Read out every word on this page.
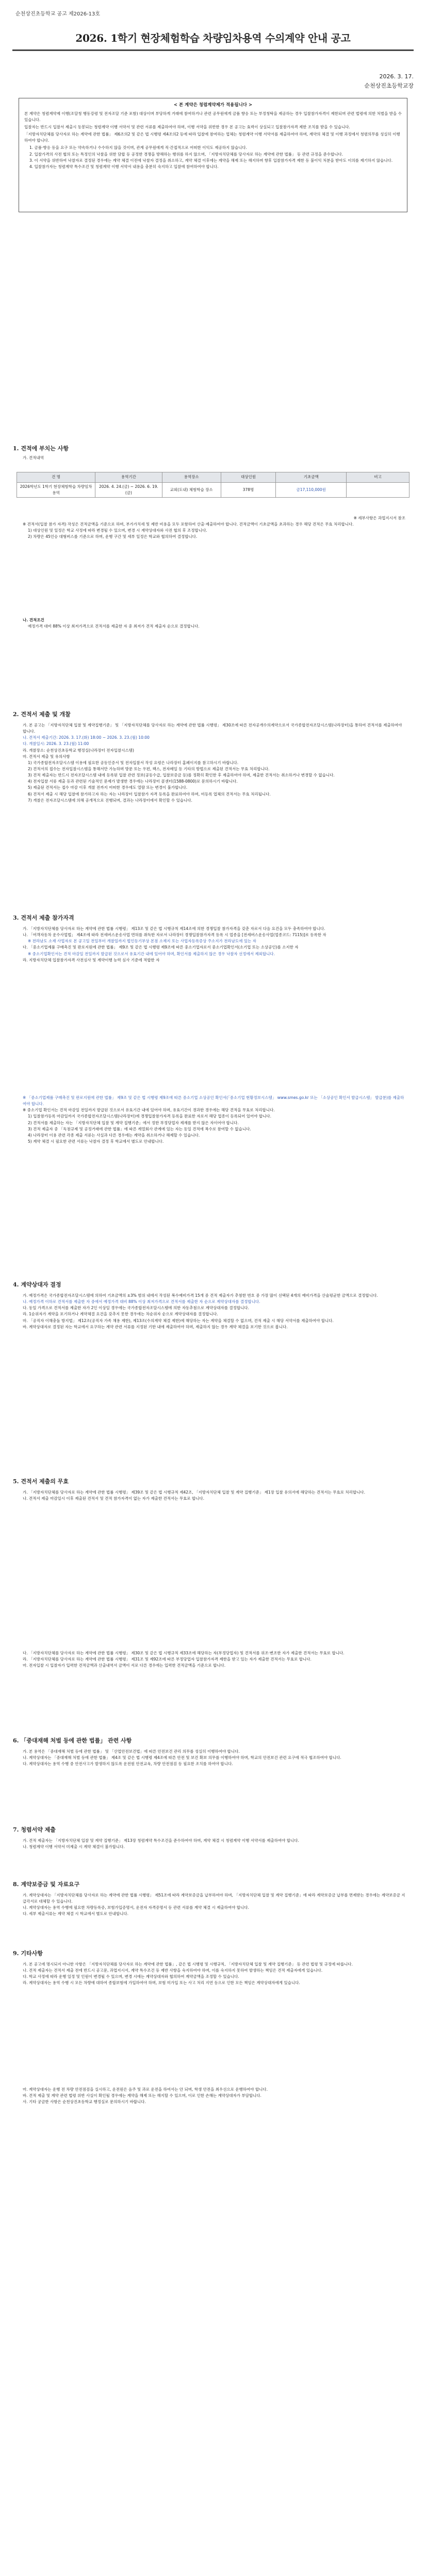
순천상진초등학교 공고 제2026-13호
2026. 1학기 현장체험학습 차량임차용역 수의계약 안내 공고
2026. 3. 17.
순천상진초등학교장
< 본 계약은 청렴계약제가 적용됩니다 >

본 계약은 청렴계약제 이행(조달청 행동강령 및 전자조달 기준 포함) 대상이며 부당하게 거래에 참여하거나 관련 공무원에게 금품 향응 또는 부정청탁을 제공하는 경우 입찰참가자격이 제한되며 관련 법령에 의한 처벌을 받을 수 있습니다.

입찰자는 반드시 입찰서 제출시 동봉되는 청렴계약 이행 서약서 및 관련 서류를 제출하여야 하며, 이행 서약을 위반한 경우 본 공고는 효력이 상실되고 입찰참가자격 제한 조치를 받을 수 있습니다.

「지방자치단체를 당사자로 하는 계약에 관한 법률」 제6조의2 및 같은 법 시행령 제4조의2 등에 따라 입찰에 참여하는 업체는 청렴계약 이행 서약서를 제출하여야 하며, 계약의 체결 및 이행 과정에서 청렴의무를 성실히 이행하여야 합니다.

1. 금품·향응 등을 요구 또는 약속하거나 수수하지 않을 것이며, 관계 공무원에게 직·간접적으로 어떠한 이익도 제공하지 않습니다.

2. 입찰가격의 사전 협의 또는 특정인의 낙찰을 위한 담합 등 공정한 경쟁을 방해하는 행위를 하지 않으며, 「지방자치단체를 당사자로 하는 계약에 관한 법률」 등 관련 규정을 준수합니다.

3. 이 서약을 위반하여 낙찰자로 결정된 경우에는 계약 체결 이전에 낙찰자 결정을 취소하고, 계약 체결 이후에는 계약을 해제 또는 해지하며 향후 입찰참가자격 제한 등 불이익 처분을 받아도 이의를 제기하지 않습니다.

4. 입찰참가자는 청렴계약 특수조건 및 청렴계약 이행 서약서 내용을 충분히 숙지하고 입찰에 참여하여야 합니다.

1. 견적에 부치는 사항
가. 견적내역
건 명	용역기간	용역장소	대상인원	기초금액	비고
2026학년도 1학기 현장체험학습 차량임차용역	2026. 4. 24.(금) ~ 2026. 6. 19.(금)	교외(도내) 체험학습 장소	378명	금17,110,000원	

※ 세부사항은 과업지시서 참조

※ 견적서(입찰 참가 자격) 작성은 견적금액을 기준으로 하며, 부가가치세 및 제반 비용을 모두 포함하여 산출·제출하여야 합니다. 견적금액이 기초금액을 초과하는 경우 해당 견적은 무효 처리합니다.

1) 대상인원 및 일정은 학교 사정에 따라 변경될 수 있으며, 변경 시 계약상대자와 사전 협의 후 조정합니다.

2) 차량은 45인승 대형버스를 기준으로 하며, 운행 구간 및 세부 일정은 학교와 협의하여 결정합니다.

나. 견적조건

예정가격 대비 88% 이상 최저가격으로 견적서를 제출한 자 중 최저가 견적 제출자 순으로 결정합니다.

2. 견적서 제출 및 개찰

가. 본 공고는 「지방자치단체 입찰 및 계약집행기준」 및 「지방자치단체를 당사자로 하는 계약에 관한 법률 시행령」 제30조에 따른 전자공개수의계약으로서 국가종합전자조달시스템(나라장터)을 통하여 견적서를 제출하여야 합니다.

나. 견적서 제출기간: 2026. 3. 17.(화) 18:00 ~ 2026. 3. 23.(월) 10:00

다. 개찰일시: 2026. 3. 23.(월) 11:00

라. 개찰장소: 순천상진초등학교 행정실(나라장터 전자입찰시스템)

마. 견적서 제출 및 유의사항

1) 국가종합전자조달시스템 이용에 필요한 공동인증서 및 전자입찰서 작성 요령은 나라장터 홈페이지를 참고하시기 바랍니다.

2) 견적서의 접수는 전자입찰시스템을 통해서만 가능하며 방문 또는 우편, 팩스, 전자메일 등 기타의 방법으로 제출된 견적서는 무효 처리합니다.

3) 견적 제출자는 반드시 전자조달시스템 내에 등록된 입찰 관련 정보(공동수급, 입찰보증금 등)를 정확히 확인한 후 제출하여야 하며, 제출한 견적서는 취소하거나 변경할 수 없습니다.

4) 전자입찰 서류 제출 등과 관련된 기술적인 문제가 발생한 경우에는 나라장터 콜센터(1588-0800)로 문의하시기 바랍니다.

5) 제출된 견적서는 접수 마감 이후 개찰 전까지 어떠한 경우에도 열람 또는 변경이 불가합니다.

6) 견적서 제출 시 해당 입찰에 참가하고자 하는 자는 나라장터 입찰참가 자격 등록을 완료하여야 하며, 미등록 업체의 견적서는 무효 처리됩니다.

7) 개찰은 전자조달시스템에 의해 공개적으로 진행되며, 결과는 나라장터에서 확인할 수 있습니다.

3. 견적서 제출 참가자격

가. 「지방자치단체를 당사자로 하는 계약에 관한 법률 시행령」 제13조 및 같은 법 시행규칙 제14조에 의한 경쟁입찰 참가자격을 갖춘 자로서 다음 요건을 모두 충족하여야 합니다.

나. 「여객자동차 운수사업법」 제4조에 따라 전세버스운송사업 면허를 취득한 자로서 나라장터 경쟁입찰참가자격 등록 시 업종을 [전세버스운송사업(업종코드: 7115)]로 등록한 자

※ 전라남도 소재 사업자로 본 공고일 전일부터 개찰일까지 법인등기부상 본점 소재지 또는 사업자등록증상 주소지가 전라남도에 있는 자

다. 「중소기업제품 구매촉진 및 판로지원에 관한 법률」 제9조 및 같은 법 시행령 제9조에 따른 중소기업자로서 중소기업확인서(소기업 또는 소상공인)를 소지한 자

※ 중소기업확인서는 견적 마감일 전일까지 발급된 것으로서 유효기간 내에 있어야 하며, 확인서를 제출하지 않은 경우 낙찰자 선정에서 제외합니다.

라. 지방자치단체 입찰참가자격 사전심사 및 계약이행 능력 심사 기준에 적합한 자

※ 「중소기업제품 구매촉진 및 판로지원에 관한 법률」 제9조 및 같은 법 시행령 제9조에 따른 중소기업 소상공인 확인서(「중소기업 현황정보시스템」 www.smes.go.kr 또는 「소상공인 확인서 발급시스템」 발급분)를 제출하여야 합니다.

※ 중소기업 확인서는 견적 마감일 전일까지 발급된 것으로서 유효기간 내에 있어야 하며, 유효기간이 경과한 경우에는 해당 견적을 무효로 처리합니다.

1) 입찰참가등록 마감일까지 국가종합전자조달시스템(나라장터)에 경쟁입찰참가자격 등록을 완료한 자로서 해당 업종이 등록되어 있어야 합니다.

2) 견적서를 제출하는 자는 「지방자치단체 입찰 및 계약 집행기준」에서 정한 부정당업자 제재를 받지 않은 자이어야 합니다.

3) 견적 제출자 중 「독점규제 및 공정거래에 관한 법률」에 따른 계열회사 관계에 있는 자는 동일 견적에 복수로 참여할 수 없습니다.

4) 나라장터 이용 관련 각종 제출 서류는 사실과 다른 경우에는 계약을 취소하거나 해제할 수 있습니다.

5) 계약 체결 시 필요한 관련 서류는 낙찰자 결정 후 학교에서 별도로 안내합니다.

4. 계약상대자 결정

가. 예정가격은 국가종합전자조달시스템에 의하여 기초금액의 ±3% 범위 내에서 작성된 복수예비가격 15개 중 견적 제출자가 추첨한 번호 중 가장 많이 선택된 4개의 예비가격을 산술평균한 금액으로 결정합니다.

나. 예정가격 이하로 견적서를 제출한 자 중에서 예정가격 대비 88% 이상 최저가격으로 견적서를 제출한 자 순으로 계약상대자를 결정합니다.

다. 동일 가격으로 견적서를 제출한 자가 2인 이상일 경우에는 국가종합전자조달시스템에 의한 자동추첨으로 계약상대자를 결정합니다.

라. 1순위자가 계약을 포기하거나 계약체결 요건을 갖추지 못한 경우에는 차순위자 순으로 계약상대자를 결정합니다.

마. 「공직자 이해충돌 방지법」 제12조(공직자 가족 채용 제한), 제13조(수의계약 체결 제한)에 해당하는 자는 계약을 체결할 수 없으며, 견적 제출 시 해당 서약서를 제출하여야 합니다.

바. 계약상대자로 결정된 자는 학교에서 요구하는 계약 관련 서류를 지정된 기한 내에 제출하여야 하며, 제출하지 않는 경우 계약 체결을 포기한 것으로 봅니다.

5. 견적서 제출의 무효

가. 「지방자치단체를 당사자로 하는 계약에 관한 법률 시행령」 제39조 및 같은 법 시행규칙 제42조, 「지방자치단체 입찰 및 계약 집행기준」 제1장 입찰 유의서에 해당하는 견적서는 무효로 처리합니다.

나. 견적서 제출 마감일시 이후 제출된 견적서 및 견적 참가자격이 없는 자가 제출한 견적서는 무효로 합니다.

다. 「지방자치단체를 당사자로 하는 계약에 관한 법률 시행령」 제30조 및 같은 법 시행규칙 제33조에 해당하는 자(부정당업자) 및 견적서를 위조·변조한 자가 제출한 견적서는 무효로 합니다.

라. 「지방자치단체를 당사자로 하는 계약에 관한 법률 시행령」 제31조 및 제92조에 따른 부정당업자 입찰참가자격 제한을 받고 있는 자가 제출한 견적서는 무효로 합니다.

마. 전자입찰 시 입찰자가 입력한 견적금액과 산출내역서 금액이 서로 다른 경우에는 입력한 견적금액을 기준으로 합니다.

6. 「중대재해 처벌 등에 관한 법률」 관련 사항

가. 본 용역은 「중대재해 처벌 등에 관한 법률」 및 「산업안전보건법」에 따른 안전보건 관리 의무를 성실히 이행하여야 합니다.

나. 계약상대자는 「중대재해 처벌 등에 관한 법률」 제4조 및 같은 법 시행령 제4조에 따른 안전 및 보건 확보 의무를 이행하여야 하며, 학교의 안전보건 관련 요구에 적극 협조하여야 합니다.

다. 계약상대자는 용역 수행 중 안전사고가 발생하지 않도록 운전원 안전교육, 차량 안전점검 등 필요한 조치를 하여야 합니다.

7. 청렴서약 제출

가. 견적 제출자는 「지방자치단체 입찰 및 계약 집행기준」 제13장 청렴계약 특수조건을 준수하여야 하며, 계약 체결 시 청렴계약 이행 서약서를 제출하여야 합니다.

나. 청렴계약 이행 서약서 미제출 시 계약 체결이 불가합니다.

8. 계약보증금 및 자료요구

가. 계약상대자는 「지방자치단체를 당사자로 하는 계약에 관한 법률 시행령」 제51조에 따라 계약보증금을 납부하여야 하며, 「지방자치단체 입찰 및 계약 집행기준」에 따라 계약보증금 납부를 면제받는 경우에는 계약보증금 지급각서로 대체할 수 있습니다.

나. 계약상대자는 용역 수행에 필요한 차량등록증, 보험가입증명서, 운전자 자격증명서 등 관련 서류를 계약 체결 시 제출하여야 합니다.

다. 세부 제출서류는 계약 체결 시 학교에서 별도로 안내합니다.

9. 기타사항

가. 본 공고에 명시되지 아니한 사항은 「지방자치단체를 당사자로 하는 계약에 관한 법률」, 같은 법 시행령 및 시행규칙, 「지방자치단체 입찰 및 계약 집행기준」 등 관련 법령 및 규정에 따릅니다.

나. 견적 제출자는 견적서 제출 전에 반드시 공고문, 과업지시서, 계약 특수조건 등 제반 사항을 숙지하여야 하며, 이를 숙지하지 못하여 발생하는 책임은 견적 제출자에게 있습니다.

다. 학교 사정에 따라 운행 일정 및 인원이 변경될 수 있으며, 변경 시에는 계약상대자와 협의하여 계약금액을 조정할 수 있습니다.

라. 계약상대자는 용역 수행 시 모든 차량에 대하여 종합보험에 가입하여야 하며, 보험 미가입 또는 사고 처리 지연 등으로 인한 모든 책임은 계약상대자에게 있습니다.

마. 계약상대자는 운행 전 차량 안전점검을 실시하고, 운전원은 음주 및 과로 운전을 하여서는 안 되며, 학생 안전을 최우선으로 운행하여야 합니다.

바. 견적 제출 및 계약 관련 법령 위반 사실이 확인될 경우에는 계약을 해제 또는 해지할 수 있으며, 이로 인한 손해는 계약상대자가 부담합니다.

사. 기타 궁금한 사항은 순천상진초등학교 행정실로 문의하시기 바랍니다.
